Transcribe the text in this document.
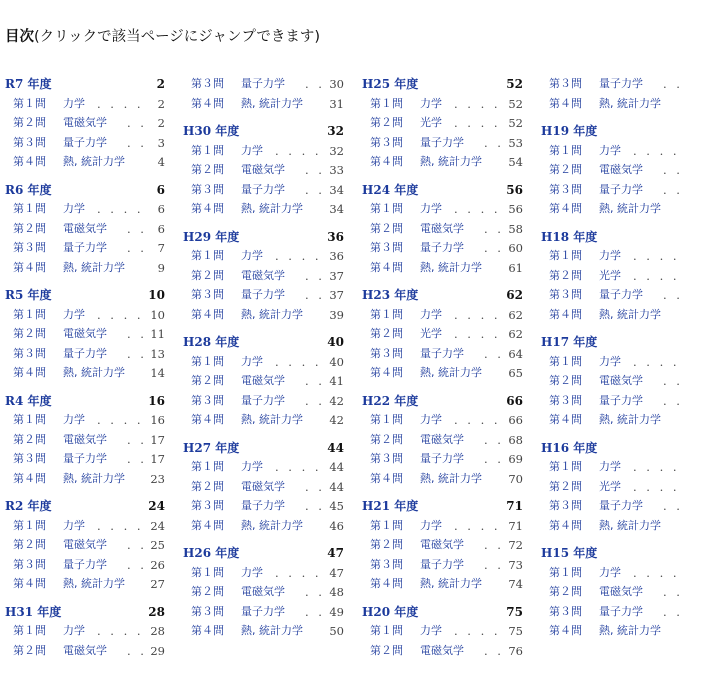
目次(クリックで該当ページにジャンプできます)
R7 年度	2
第１問 力学 . . . . 2
第２問 電磁気学 . . 2
第３問 量子力学 . . 3
第４問 熱, 統計力学	4
R6 年度	6
第１問 力学 . . . . 6
第２問 電磁気学 . . 6
第３問 量子力学 . . 7
第４問 熱, 統計力学	9
R5 年度	10
第１問 力学 . . . . 10
第２問 電磁気学 . . 11
第３問 量子力学 . . 13
第４問 熱, 統計力学 14
R4 年度	16
第１問 力学 . . . . 16
第２問 電磁気学 . . 17
第３問 量子力学 . . 17
第４問 熱, 統計力学 23
R2 年度	24
第１問 力学 . . . . 24
第２問 電磁気学 . . 25
第３問 量子力学 . . 26
第４問 熱, 統計力学 27
H31 年度	28
第１問 力学 . . . . 28
第２問 電磁気学 . . 29
第３問 量子力学 . . 30
第４問 熱, 統計力学 31
H30 年度	32
第１問 力学 . . . . 32
第２問 電磁気学 . . 33
第３問 量子力学 . . 34
第４問 熱, 統計力学 34
H29 年度	36
第１問 力学 . . . . 36
第２問 電磁気学 . . 37
第３問 量子力学 . . 37
第４問 熱, 統計力学 39
H28 年度	40
第１問 力学 . . . . 40
第２問 電磁気学 . . 41
第３問 量子力学 . . 42
第４問 熱, 統計力学 42
H27 年度	44
第１問 力学 . . . . 44
第２問 電磁気学 . . 44
第３問 量子力学 . . 45
第４問 熱, 統計力学 46
H26 年度	47
第１問 力学 . . . . 47
第２問 電磁気学 . . 48
第３問 量子力学 . . 49
第４問 熱, 統計力学 50
H25 年度	52
第１問 力学 . . . . 52
第２問 光学 . . . . 52
第３問 量子力学 . . 53
第４問 熱, 統計力学 54
H24 年度	56
第１問 力学 . . . . 56
第２問 電磁気学 . . 58
第３問 量子力学 . . 60
第４問 熱, 統計力学 61
H23 年度	62
第１問 力学 . . . . 62
第２問 光学 . . . . 62
第３問 量子力学 . . 64
第４問 熱, 統計力学 65
H22 年度	66
第１問 力学 . . . . 66
第２問 電磁気学 . . 68
第３問 量子力学 . . 69
第４問 熱, 統計力学 70
H21 年度	71
第１問 力学 . . . . 71
第２問 電磁気学 . . 72
第３問 量子力学 . . 73
第４問 熱, 統計力学 74
H20 年度	75
第１問 力学 . . . . 75
第２問 電磁気学 . . 76
第３問 量子力学 . .
第４問 熱, 統計力学
H19 年度
第１問 力学 . . . .
第２問 電磁気学 . .
第３問 量子力学 . .
第４問 熱, 統計力学
H18 年度
第１問 力学 . . . .
第２問 光学 . . . .
第３問 量子力学 . .
第４問 熱, 統計力学
H17 年度
第１問 力学 . . . .
第２問 電磁気学 . .
第３問 量子力学 . .
第４問 熱, 統計力学
H16 年度
第１問 力学 . . . .
第２問 光学 . . . .
第３問 量子力学 . .
第４問 熱, 統計力学
H15 年度
第１問 力学 . . . .
第２問 電磁気学 . .
第３問 量子力学 . .
第４問 熱, 統計力学
